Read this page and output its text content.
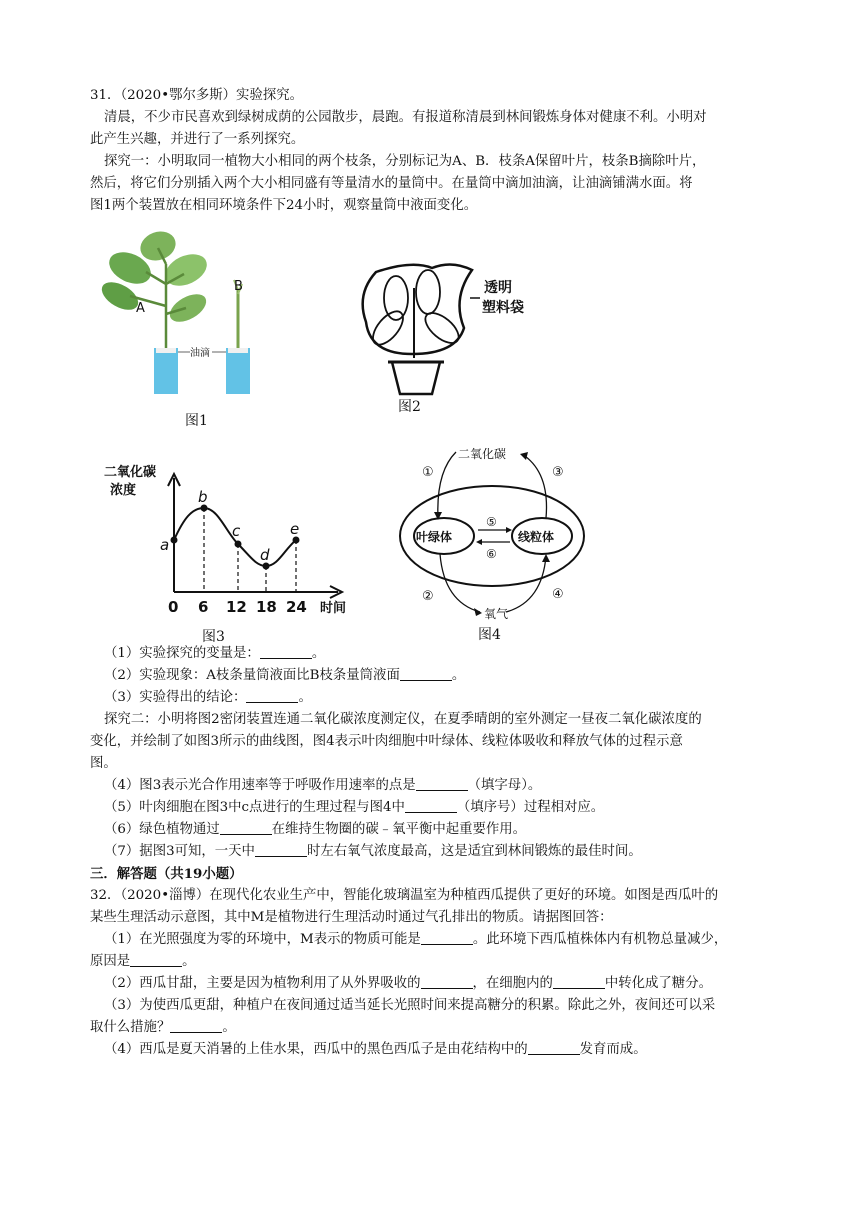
31．（2020•鄂尔多斯）实验探究。
清晨，不少市民喜欢到绿树成荫的公园散步，晨跑。有报道称清晨到林间锻炼身体对健康不利。小明对
此产生兴趣，并进行了一系列探究。
探究一：小明取同一植物大小相同的两个枝条，分别标记为A、B．枝条A保留叶片，枝条B摘除叶片，
然后，将它们分别插入两个大小相同盛有等量清水的量筒中。在量筒中滴加油滴，让油滴铺满水面。将
图1两个装置放在相同环境条件下24小时，观察量筒中液面变化。
A
B
油滴
图1
透明
塑料袋
图2
二氧化碳
浓度
a
b
c
d
e
0 6 12 18 24 时间
图3
二氧化碳
叶绿体	线粒体
⑤
⑥
氧气
①	③
②	④
图4
（1）实验探究的变量是：	。
（2）实验现象：A枝条量筒液面比B枝条量筒液面	。
（3）实验得出的结论：	。
探究二：小明将图2密闭装置连通二氧化碳浓度测定仪，在夏季晴朗的室外测定一昼夜二氧化碳浓度的
变化，并绘制了如图3所示的曲线图，图4表示叶肉细胞中叶绿体、线粒体吸收和释放气体的过程示意
图。
（4）图3表示光合作用速率等于呼吸作用速率的点是	（填字母）。
（5）叶肉细胞在图3中c点进行的生理过程与图4中	（填序号）过程相对应。
（6）绿色植物通过	在维持生物圈的碳﹣氧平衡中起重要作用。
（7）据图3可知，一天中	时左右氧气浓度最高，这是适宜到林间锻炼的最佳时间。
三．解答题（共19小题）
32．（2020•淄博）在现代化农业生产中，智能化玻璃温室为种植西瓜提供了更好的环境。如图是西瓜叶的
某些生理活动示意图，其中M是植物进行生理活动时通过气孔排出的物质。请据图回答：
（1）在光照强度为零的环境中，M表示的物质可能是	。此环境下西瓜植株体内有机物总量减少，
原因是	。
（2）西瓜甘甜，主要是因为植物利用了从外界吸收的	，在细胞内的	中转化成了糖分。
（3）为使西瓜更甜，种植户在夜间通过适当延长光照时间来提高糖分的积累。除此之外，夜间还可以采
取什么措施？	。
（4）西瓜是夏天消暑的上佳水果，西瓜中的黑色西瓜子是由花结构中的	发育而成。
